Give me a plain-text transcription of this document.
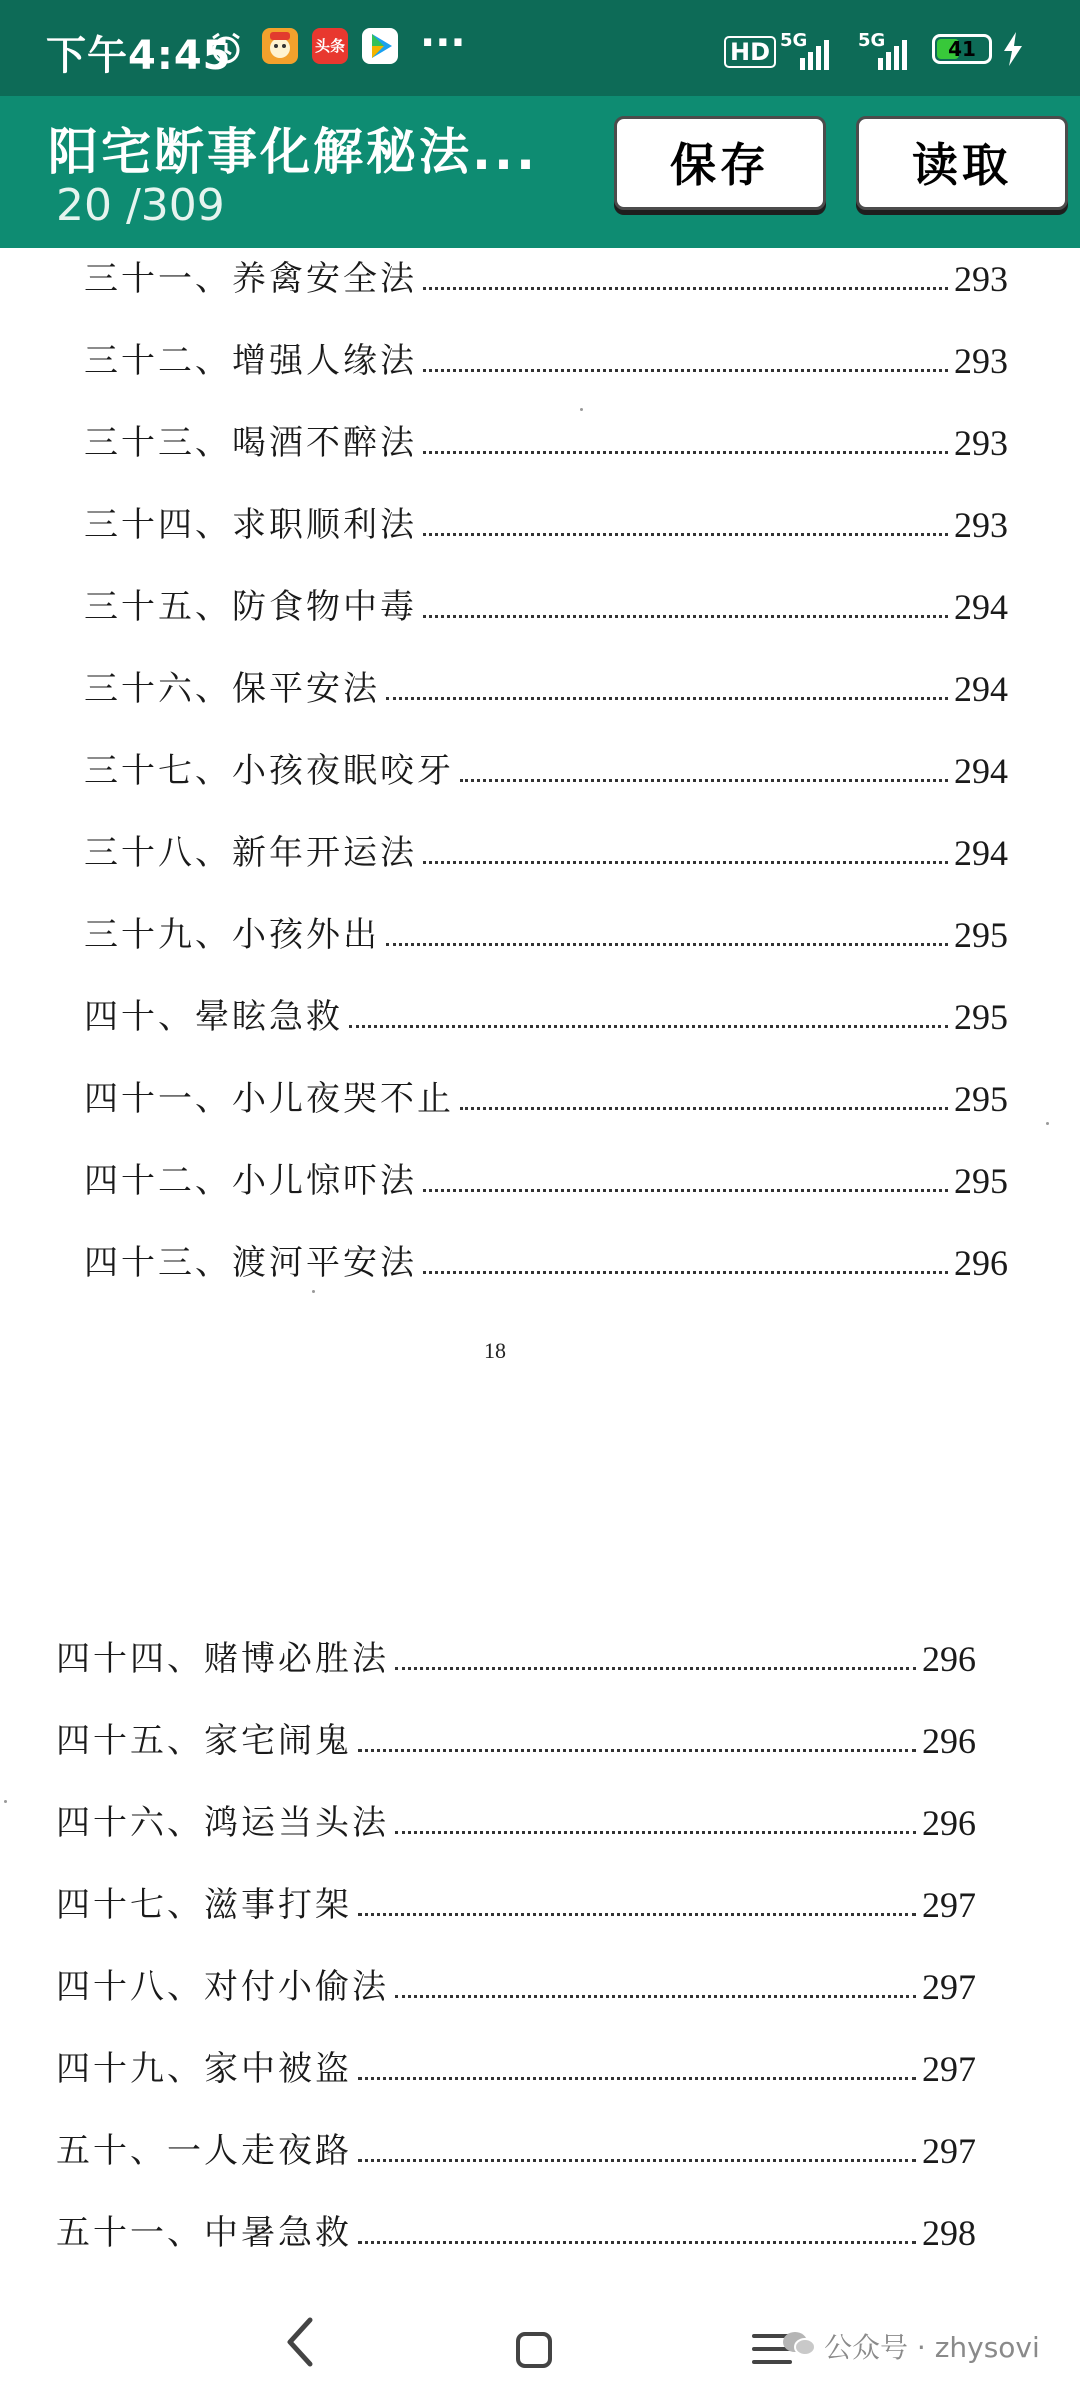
下午4:45	头条 ···	HD 5G	5G	41
阳宅断事化解秘法...
20 /309
保存	读取
三十一、养禽安全法	293
三十二、增强人缘法	293
三十三、喝酒不醉法	293
三十四、求职顺利法	293
三十五、防食物中毒	294
三十六、保平安法	294
三十七、小孩夜眠咬牙	294
三十八、新年开运法	294
三十九、小孩外出	295
四十、晕眩急救	295
四十一、小儿夜哭不止	295
四十二、小儿惊吓法	295
四十三、渡河平安法	296
18
四十四、赌博必胜法	296
四十五、家宅闹鬼	296
四十六、鸿运当头法	296
四十七、滋事打架	297
四十八、对付小偷法	297
四十九、家中被盗	297
五十、一人走夜路	297
五十一、中暑急救	298
公众号 · zhysovi
